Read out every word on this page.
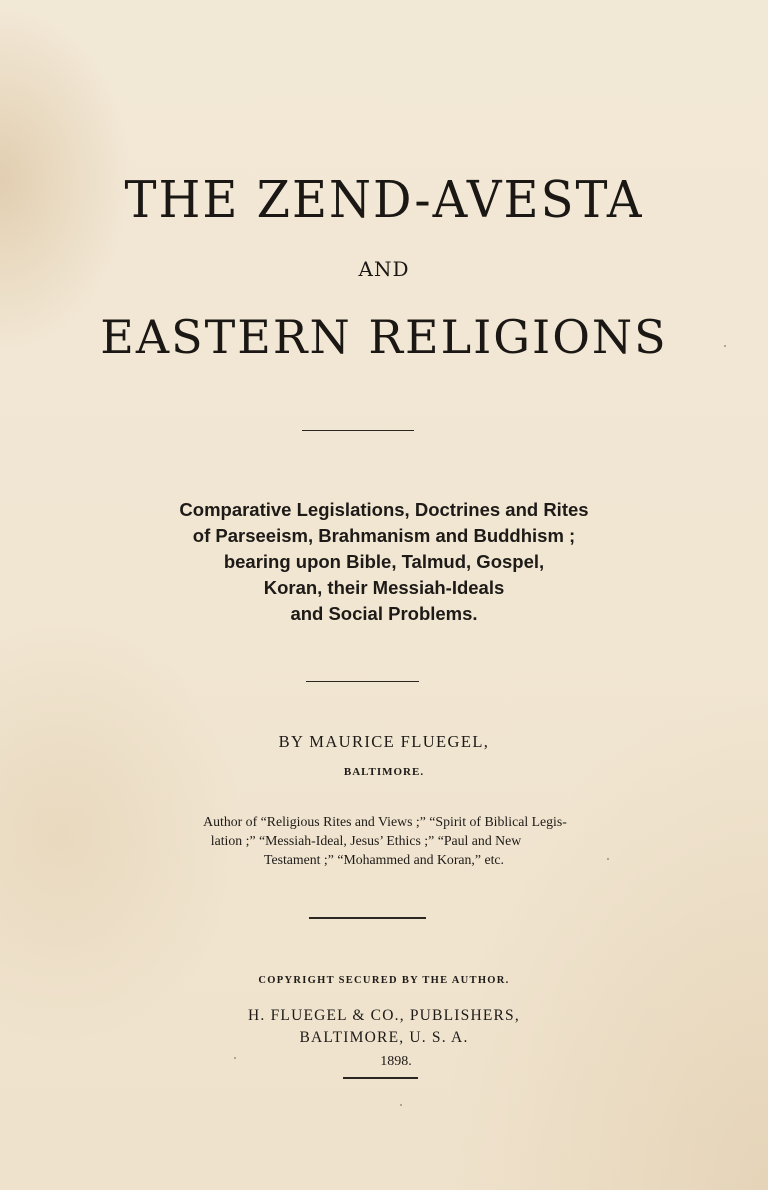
THE ZEND-AVESTA
AND
EASTERN RELIGIONS
Comparative Legislations, Doctrines and Rites
of Parseeism, Brahmanism and Buddhism ;
bearing upon Bible, Talmud, Gospel,
Koran, their Messiah-Ideals
and Social Problems.
BY MAURICE FLUEGEL,
BALTIMORE.
Author of “Religious Rites and Views ;” “Spirit of Biblical Legis-
lation ;” “Messiah-Ideal, Jesus’ Ethics ;” “Paul and New
Testament ;” “Mohammed and Koran,” etc.
COPYRIGHT SECURED BY THE AUTHOR.
H. FLUEGEL & CO., PUBLISHERS,
BALTIMORE, U. S. A.
1898.
